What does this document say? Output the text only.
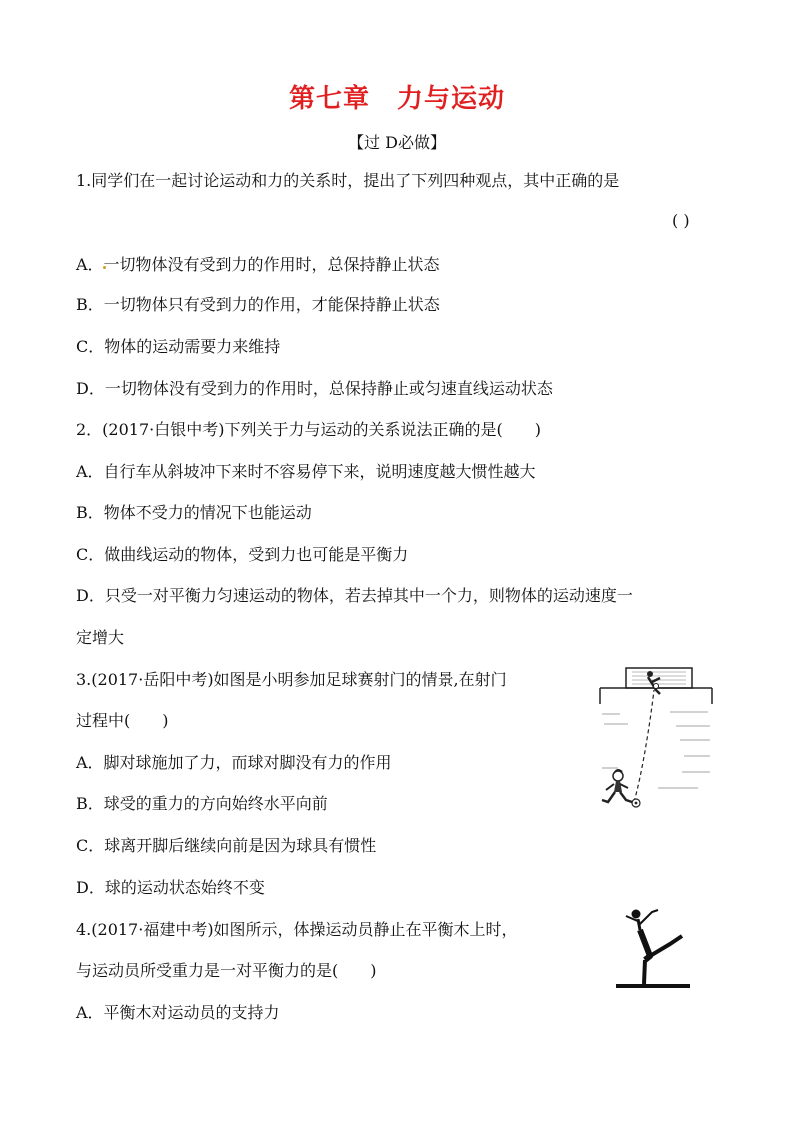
第七章　力与运动
【过 D必做】
1.同学们在一起讨论运动和力的关系时，提出了下列四种观点，其中正确的是
( )
A．一切物体没有受到力的作用时，总保持静止状态
B．一切物体只有受到力的作用，才能保持静止状态
C．物体的运动需要力来维持
D．一切物体没有受到力的作用时，总保持静止或匀速直线运动状态
2．(2017·白银中考)下列关于力与运动的关系说法正确的是(　　)
A．自行车从斜坡冲下来时不容易停下来，说明速度越大惯性越大
B．物体不受力的情况下也能运动
C．做曲线运动的物体，受到力也可能是平衡力
D．只受一对平衡力匀速运动的物体，若去掉其中一个力，则物体的运动速度一
定增大
3.(2017·岳阳中考)如图是小明参加足球赛射门的情景,在射门
过程中(　　)
A．脚对球施加了力，而球对脚没有力的作用
B．球受的重力的方向始终水平向前
C．球离开脚后继续向前是因为球具有惯性
D．球的运动状态始终不变
4.(2017·福建中考)如图所示，体操运动员静止在平衡木上时，
与运动员所受重力是一对平衡力的是(　　)
A．平衡木对运动员的支持力
